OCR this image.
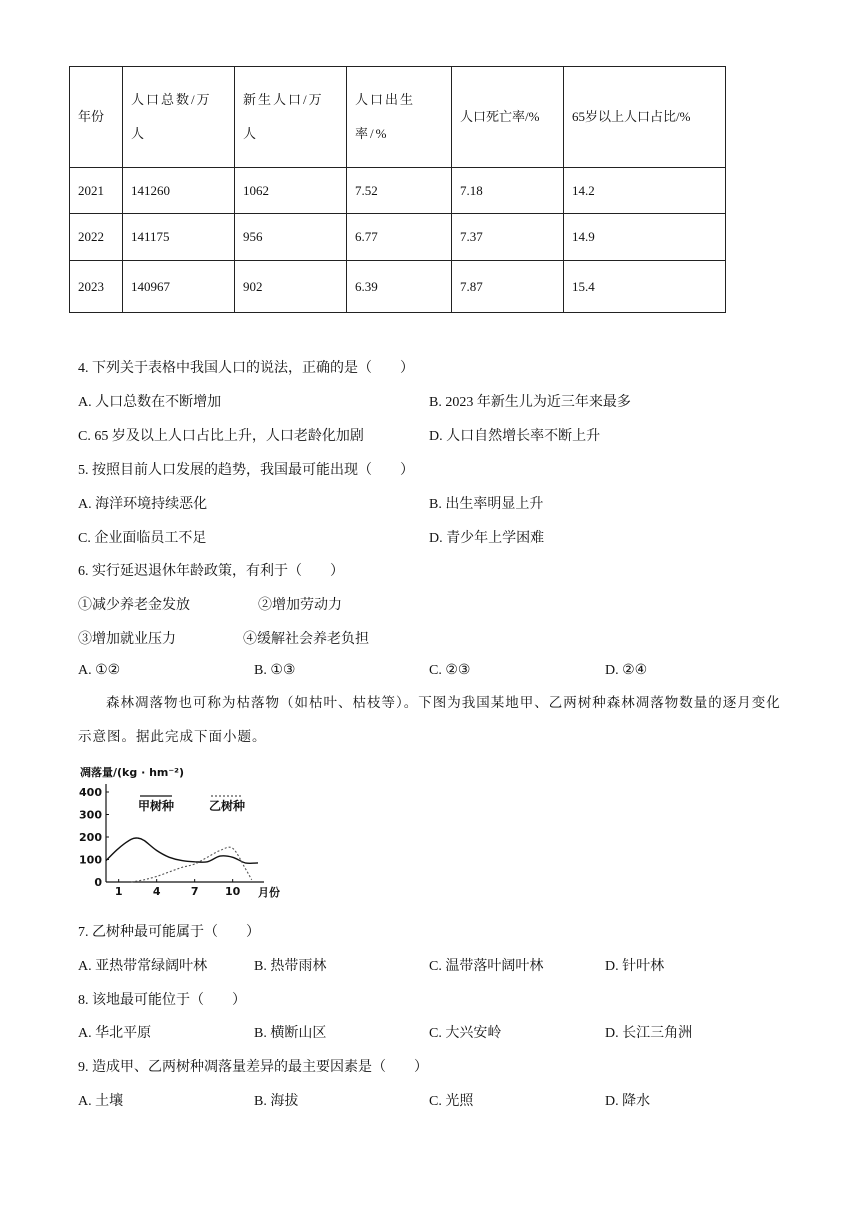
年份	人口总数/万人	新生人口/万人	人口出生率/%	人口死亡率/%	65岁以上人口占比/%
2021	141260	1062	7.52	7.18	14.2
2022	141175	956	6.77	7.37	14.9
2023	140967	902	6.39	7.87	15.4
4. 下列关于表格中我国人口的说法，正确的是（　　）
A. 人口总数在不断增加	B. 2023 年新生儿为近三年来最多
C. 65 岁及以上人口占比上升，人口老龄化加剧	D. 人口自然增长率不断上升
5. 按照目前人口发展的趋势，我国最可能出现（　　）
A. 海洋环境持续恶化	B. 出生率明显上升
C. 企业面临员工不足	D. 青少年上学困难
6. 实行延迟退休年龄政策，有利于（　　）
①减少养老金发放	②增加劳动力
③增加就业压力	④缓解社会养老负担
A. ①②	B. ①③	C. ②③	D. ②④
森林凋落物也可称为枯落物（如枯叶、枯枝等）。下图为我国某地甲、乙两树种森林凋落物数量的逐月变化示意图。据此完成下面小题。
凋落量/(kg · hm⁻²)
0
100
200
300
400
1	4	7 10
甲树种	乙树种
月份
7. 乙树种最可能属于（　　）
A. 亚热带常绿阔叶林	B. 热带雨林	C. 温带落叶阔叶林	D. 针叶林
8. 该地最可能位于（　　）
A. 华北平原	B. 横断山区	C. 大兴安岭	D. 长江三角洲
9. 造成甲、乙两树种凋落量差异的最主要因素是（　　）
A. 土壤	B. 海拔	C. 光照	D. 降水
